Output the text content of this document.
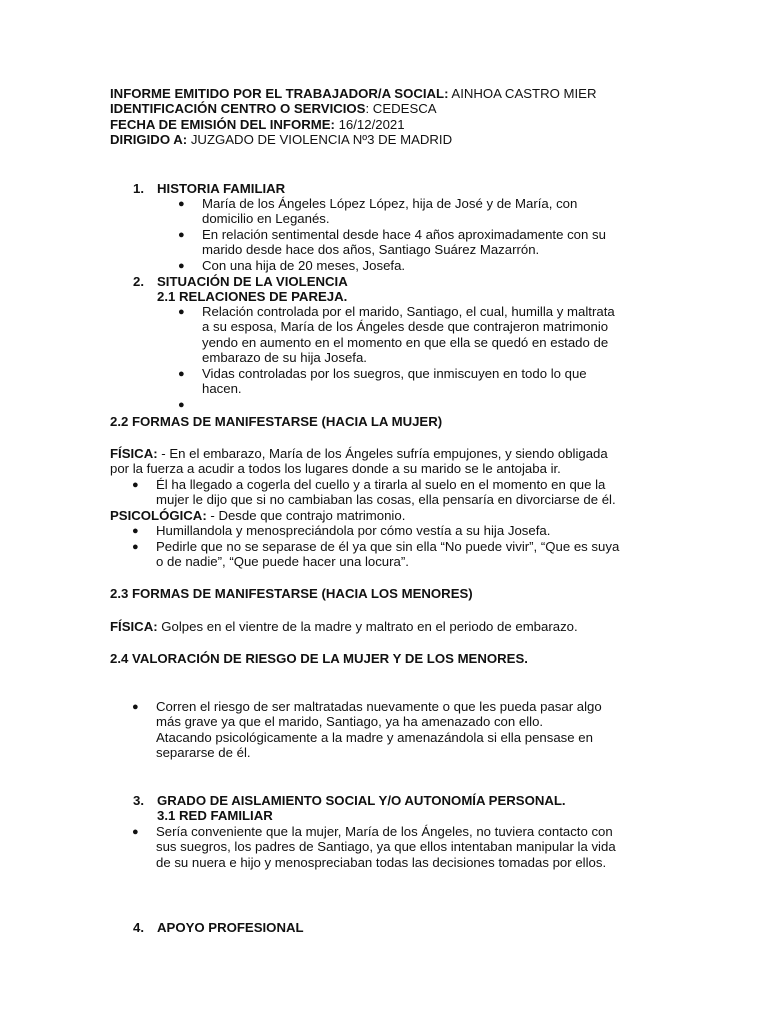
INFORME EMITIDO POR EL TRABAJADOR/A SOCIAL: AINHOA CASTRO MIER
IDENTIFICACIÓN CENTRO O SERVICIOS: CEDESCA
FECHA DE EMISIÓN DEL INFORME: 16/12/2021
DIRIGIDO A: JUZGADO DE VIOLENCIA Nº3 DE MADRID
1. HISTORIA FAMILIAR
● María de los Ángeles López López, hija de José y de María, con
domicilio en Leganés.
● En relación sentimental desde hace 4 años aproximadamente con su
marido desde hace dos años, Santiago Suárez Mazarrón.
● Con una hija de 20 meses, Josefa.
2. SITUACIÓN DE LA VIOLENCIA
2.1 RELACIONES DE PAREJA.
● Relación controlada por el marido, Santiago, el cual, humilla y maltrata
a su esposa, María de los Ángeles desde que contrajeron matrimonio
yendo en aumento en el momento en que ella se quedó en estado de
embarazo de su hija Josefa.
● Vidas controladas por los suegros, que inmiscuyen en todo lo que
hacen.
●
2.2 FORMAS DE MANIFESTARSE (HACIA LA MUJER)
FÍSICA: - En el embarazo, María de los Ángeles sufría empujones, y siendo obligada
por la fuerza a acudir a todos los lugares donde a su marido se le antojaba ir.
● Él ha llegado a cogerla del cuello y a tirarla al suelo en el momento en que la
mujer le dijo que si no cambiaban las cosas, ella pensaría en divorciarse de él.
PSICOLÓGICA: - Desde que contrajo matrimonio.
● Humillandola y menospreciándola por cómo vestía a su hija Josefa.
● Pedirle que no se separase de él ya que sin ella “No puede vivir”, “Que es suya
o de nadie”, “Que puede hacer una locura”.
2.3 FORMAS DE MANIFESTARSE (HACIA LOS MENORES)
FÍSICA: Golpes en el vientre de la madre y maltrato en el periodo de embarazo.
2.4 VALORACIÓN DE RIESGO DE LA MUJER Y DE LOS MENORES.
● Corren el riesgo de ser maltratadas nuevamente o que les pueda pasar algo
más grave ya que el marido, Santiago, ya ha amenazado con ello.
Atacando psicológicamente a la madre y amenazándola si ella pensase en
separarse de él.
3. GRADO DE AISLAMIENTO SOCIAL Y/O AUTONOMÍA PERSONAL.
3.1 RED FAMILIAR
● Sería conveniente que la mujer, María de los Ángeles, no tuviera contacto con
sus suegros, los padres de Santiago, ya que ellos intentaban manipular la vida
de su nuera e hijo y menospreciaban todas las decisiones tomadas por ellos.
4. APOYO PROFESIONAL
